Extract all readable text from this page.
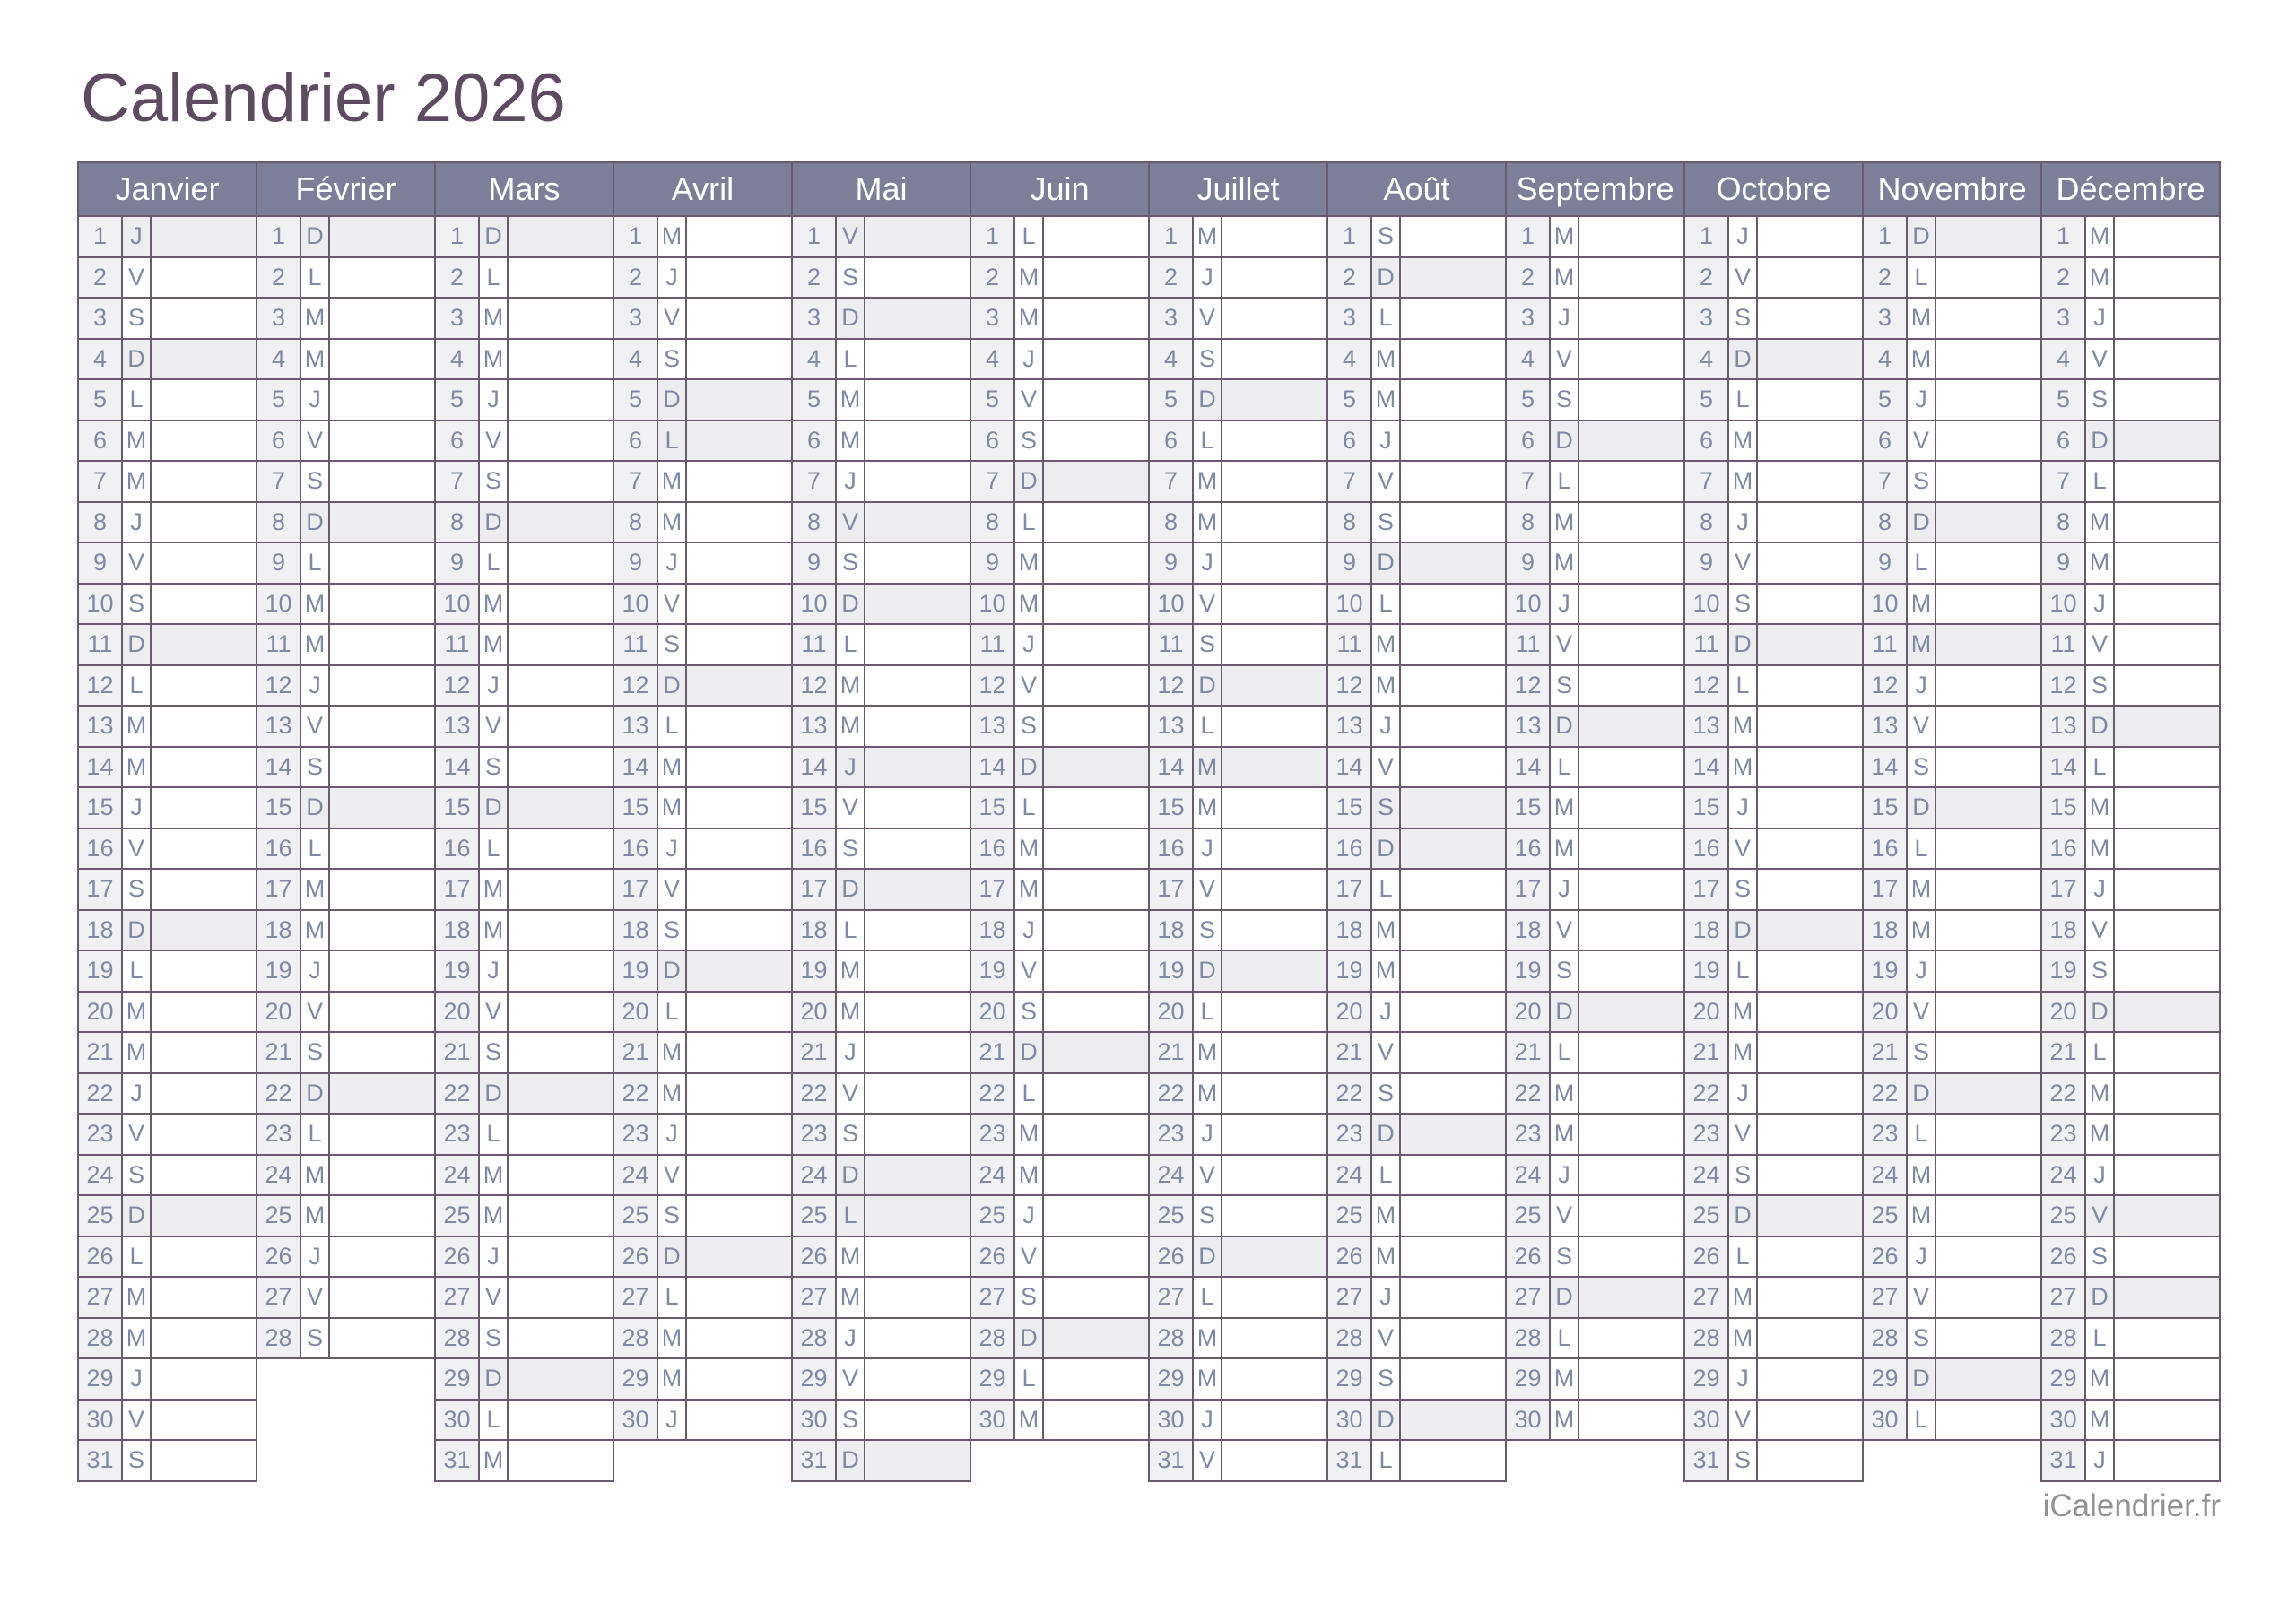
Calendrier 2026
Janvier
1 J
2 V
3 S
4 D
5 L
6 M
7 M
8 J
9 V
10 S
11 D
12 L
13 M
14 M
15 J
16 V
17 S
18 D
19 L
20 M
21 M
22 J
23 V
24 S
25 D
26 L
27 M
28 M
29 J
30 V
31 S
Février
1 D
2 L
3 M
4 M
5 J
6 V
7 S
8 D
9 L
10 M
11 M
12 J
13 V
14 S
15 D
16 L
17 M
18 M
19 J
20 V
21 S
22 D
23 L
24 M
25 M
26 J
27 V
28 S
Mars
1 D
2 L
3 M
4 M
5 J
6 V
7 S
8 D
9 L
10 M
11 M
12 J
13 V
14 S
15 D
16 L
17 M
18 M
19 J
20 V
21 S
22 D
23 L
24 M
25 M
26 J
27 V
28 S
29 D
30 L
31 M
Avril
1 M
2 J
3 V
4 S
5 D
6 L
7 M
8 M
9 J
10 V
11 S
12 D
13 L
14 M
15 M
16 J
17 V
18 S
19 D
20 L
21 M
22 M
23 J
24 V
25 S
26 D
27 L
28 M
29 M
30 J
Mai
1 V
2 S
3 D
4 L
5 M
6 M
7 J
8 V
9 S
10 D
11 L
12 M
13 M
14 J
15 V
16 S
17 D
18 L
19 M
20 M
21 J
22 V
23 S
24 D
25 L
26 M
27 M
28 J
29 V
30 S
31 D
Juin
1 L
2 M
3 M
4 J
5 V
6 S
7 D
8 L
9 M
10 M
11 J
12 V
13 S
14 D
15 L
16 M
17 M
18 J
19 V
20 S
21 D
22 L
23 M
24 M
25 J
26 V
27 S
28 D
29 L
30 M
Juillet
1 M
2 J
3 V
4 S
5 D
6 L
7 M
8 M
9 J
10 V
11 S
12 D
13 L
14 M
15 M
16 J
17 V
18 S
19 D
20 L
21 M
22 M
23 J
24 V
25 S
26 D
27 L
28 M
29 M
30 J
31 V
Août
1 S
2 D
3 L
4 M
5 M
6 J
7 V
8 S
9 D
10 L
11 M
12 M
13 J
14 V
15 S
16 D
17 L
18 M
19 M
20 J
21 V
22 S
23 D
24 L
25 M
26 M
27 J
28 V
29 S
30 D
31 L
Septembre
1 M
2 M
3 J
4 V
5 S
6 D
7 L
8 M
9 M
10 J
11 V
12 S
13 D
14 L
15 M
16 M
17 J
18 V
19 S
20 D
21 L
22 M
23 M
24 J
25 V
26 S
27 D
28 L
29 M
30 M
Octobre
1 J
2 V
3 S
4 D
5 L
6 M
7 M
8 J
9 V
10 S
11 D
12 L
13 M
14 M
15 J
16 V
17 S
18 D
19 L
20 M
21 M
22 J
23 V
24 S
25 D
26 L
27 M
28 M
29 J
30 V
31 S
Novembre
1 D
2 L
3 M
4 M
5 J
6 V
7 S
8 D
9 L
10 M
11 M
12 J
13 V
14 S
15 D
16 L
17 M
18 M
19 J
20 V
21 S
22 D
23 L
24 M
25 M
26 J
27 V
28 S
29 D
30 L
Décembre
1 M
2 M
3 J
4 V
5 S
6 D
7 L
8 M
9 M
10 J
11 V
12 S
13 D
14 L
15 M
16 M
17 J
18 V
19 S
20 D
21 L
22 M
23 M
24 J
25 V
26 S
27 D
28 L
29 M
30 M
31 J
iCalendrier.fr
